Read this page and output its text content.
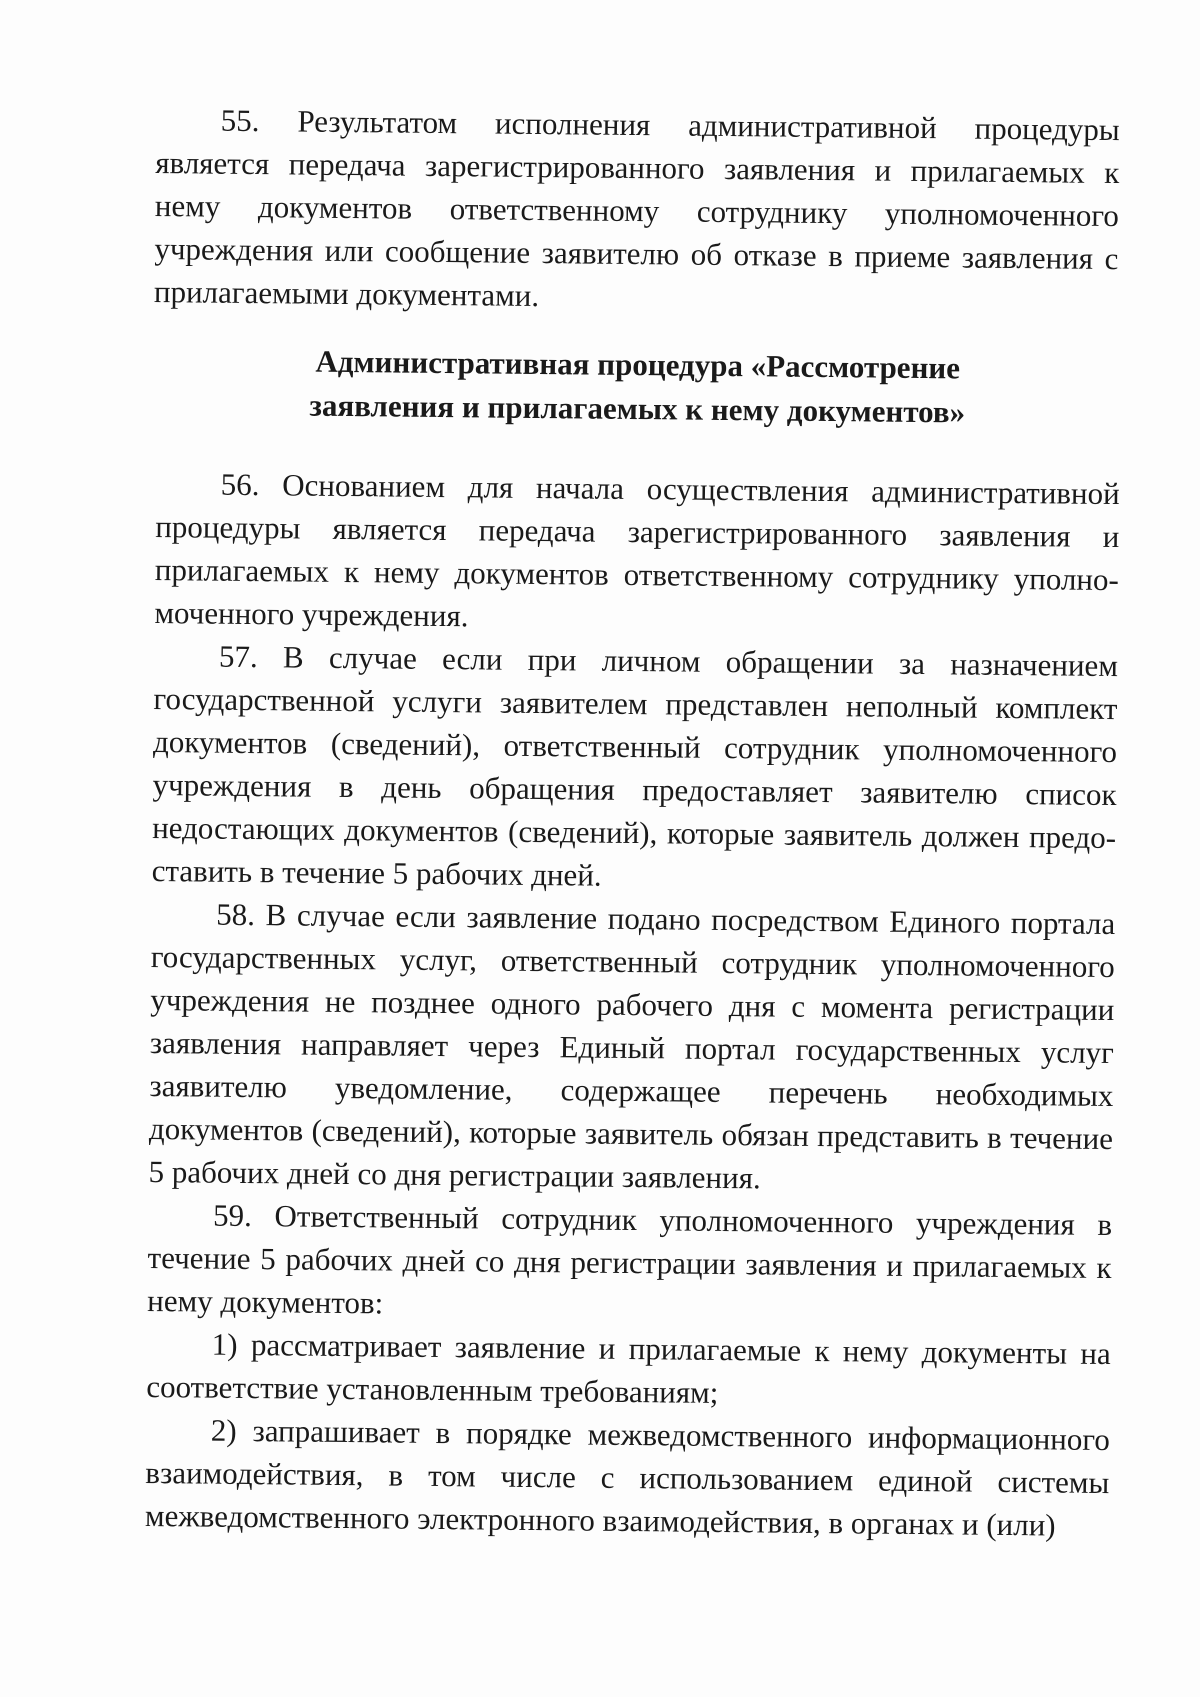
55. Результатом исполнения административной процедуры является передача зарегистрированного заявления и прилагаемых к нему документов ответственному сотруднику уполномоченного учреждения или сообщение заявителю об отказе в приеме заявления с прилагаемыми документами.

Административная процедура «Рассмотрение
заявления и прилагаемых к нему документов»

56. Основанием для начала осуществления административной процедуры является передача зарегистрированного заявления и прилагаемых к нему документов ответственному сотруднику уполно-моченного учреждения.

57. В случае если при личном обращении за назначением государственной услуги заявителем представлен неполный комплект документов (сведений), ответственный сотрудник уполномоченного учреждения в день обращения предоставляет заявителю список недостающих документов (сведений), которые заявитель должен предо-ставить в течение 5 рабочих дней.

58. В случае если заявление подано посредством Единого портала государственных услуг, ответственный сотрудник уполномоченного учреждения не позднее одного рабочего дня с момента регистрации заявления направляет через Единый портал государственных услуг заявителю уведомление, содержащее перечень необходимых документов (сведений), которые заявитель обязан представить в течение 5 рабочих дней со дня регистрации заявления.

59. Ответственный сотрудник уполномоченного учреждения в течение 5 рабочих дней со дня регистрации заявления и прилагаемых к нему документов:

1) рассматривает заявление и прилагаемые к нему документы на соответствие установленным требованиям;

2) запрашивает в порядке межведомственного информационного взаимодействия, в том числе с использованием единой системы межведомственного электронного взаимодействия, в органах и (или)
